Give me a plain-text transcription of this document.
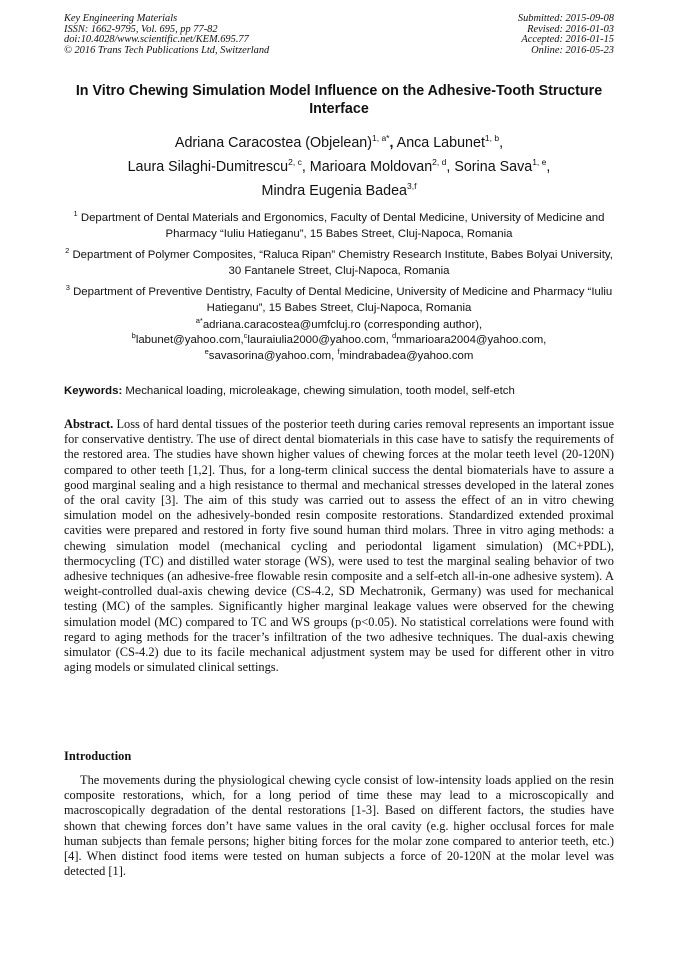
Key Engineering Materials
ISSN: 1662-9795, Vol. 695, pp 77-82
doi:10.4028/www.scientific.net/KEM.695.77
© 2016 Trans Tech Publications Ltd, Switzerland
Submitted: 2015-09-08
Revised: 2016-01-03
Accepted: 2016-01-15
Online: 2016-05-23
In Vitro Chewing Simulation Model Influence on the Adhesive-Tooth Structure Interface
Adriana Caracostea (Objelean)$^{1, a*}$, Anca Labunet$^{1, b}$,
Laura Silaghi-Dumitrescu$^{2, c}$, Marioara Moldovan$^{2, d}$, Sorina Sava$^{1, e}$,
Mindra Eugenia Badea$^{3,f}$
$^1$ Department of Dental Materials and Ergonomics, Faculty of Dental Medicine, University of Medicine and Pharmacy “Iuliu Hatieganu”, 15 Babes Street, Cluj-Napoca, Romania
$^2$ Department of Polymer Composites, “Raluca Ripan” Chemistry Research Institute, Babes Bolyai University, 30 Fantanele Street, Cluj-Napoca, Romania
$^3$ Department of Preventive Dentistry, Faculty of Dental Medicine, University of Medicine and Pharmacy “Iuliu Hatieganu”, 15 Babes Street, Cluj-Napoca, Romania
$^{a*}$adriana.caracostea@umfcluj.ro (corresponding author),
$^b$labunet@yahoo.com,$^c$lauraiulia2000@yahoo.com, $^d$mmarioara2004@yahoo.com,
$^e$savasorina@yahoo.com, $^f$mindrabadea@yahoo.com
Keywords: Mechanical loading, microleakage, chewing simulation, tooth model, self-etch
Abstract. Loss of hard dental tissues of the posterior teeth during caries removal represents an important issue for conservative dentistry. The use of direct dental biomaterials in this case have to satisfy the requirements of the restored area. The studies have shown higher values of chewing forces at the molar teeth level (20-120N) compared to other teeth [1,2]. Thus, for a long-term clinical success the dental biomaterials have to assure a good marginal sealing and a high resistance to thermal and mechanical stresses developed in the lateral zones of the oral cavity [3]. The aim of this study was carried out to assess the effect of an in vitro chewing simulation model on the adhesively-bonded resin composite restorations. Standardized extended proximal cavities were prepared and restored in forty five sound human third molars. Three in vitro aging methods: a chewing simulation model (mechanical cycling and periodontal ligament simulation) (MC+PDL), thermocycling (TC) and distilled water storage (WS), were used to test the marginal sealing behavior of two adhesive techniques (an adhesive-free flowable resin composite and a self-etch all-in-one adhesive system). A weight-controlled dual-axis chewing device (CS-4.2, SD Mechatronik, Germany) was used for mechanical testing (MC) of the samples. Significantly higher marginal leakage values were observed for the chewing simulation model (MC) compared to TC and WS groups (p<0.05). No statistical correlations were found with regard to aging methods for the tracer’s infiltration of the two adhesive techniques. The dual-axis chewing simulator (CS-4.2) due to its facile mechanical adjustment system may be used for different other in vitro aging models or simulated clinical settings.
Introduction
The movements during the physiological chewing cycle consist of low-intensity loads applied on the resin composite restorations, which, for a long period of time these may lead to a microscopically and macroscopically degradation of the dental restorations [1-3]. Based on different factors, the studies have shown that chewing forces don’t have same values in the oral cavity (e.g. higher occlusal forces for male human subjects than female persons; higher biting forces for the molar zone compared to anterior teeth, etc.) [4]. When distinct food items were tested on human subjects a force of 20-120N at the molar level was detected [1].
